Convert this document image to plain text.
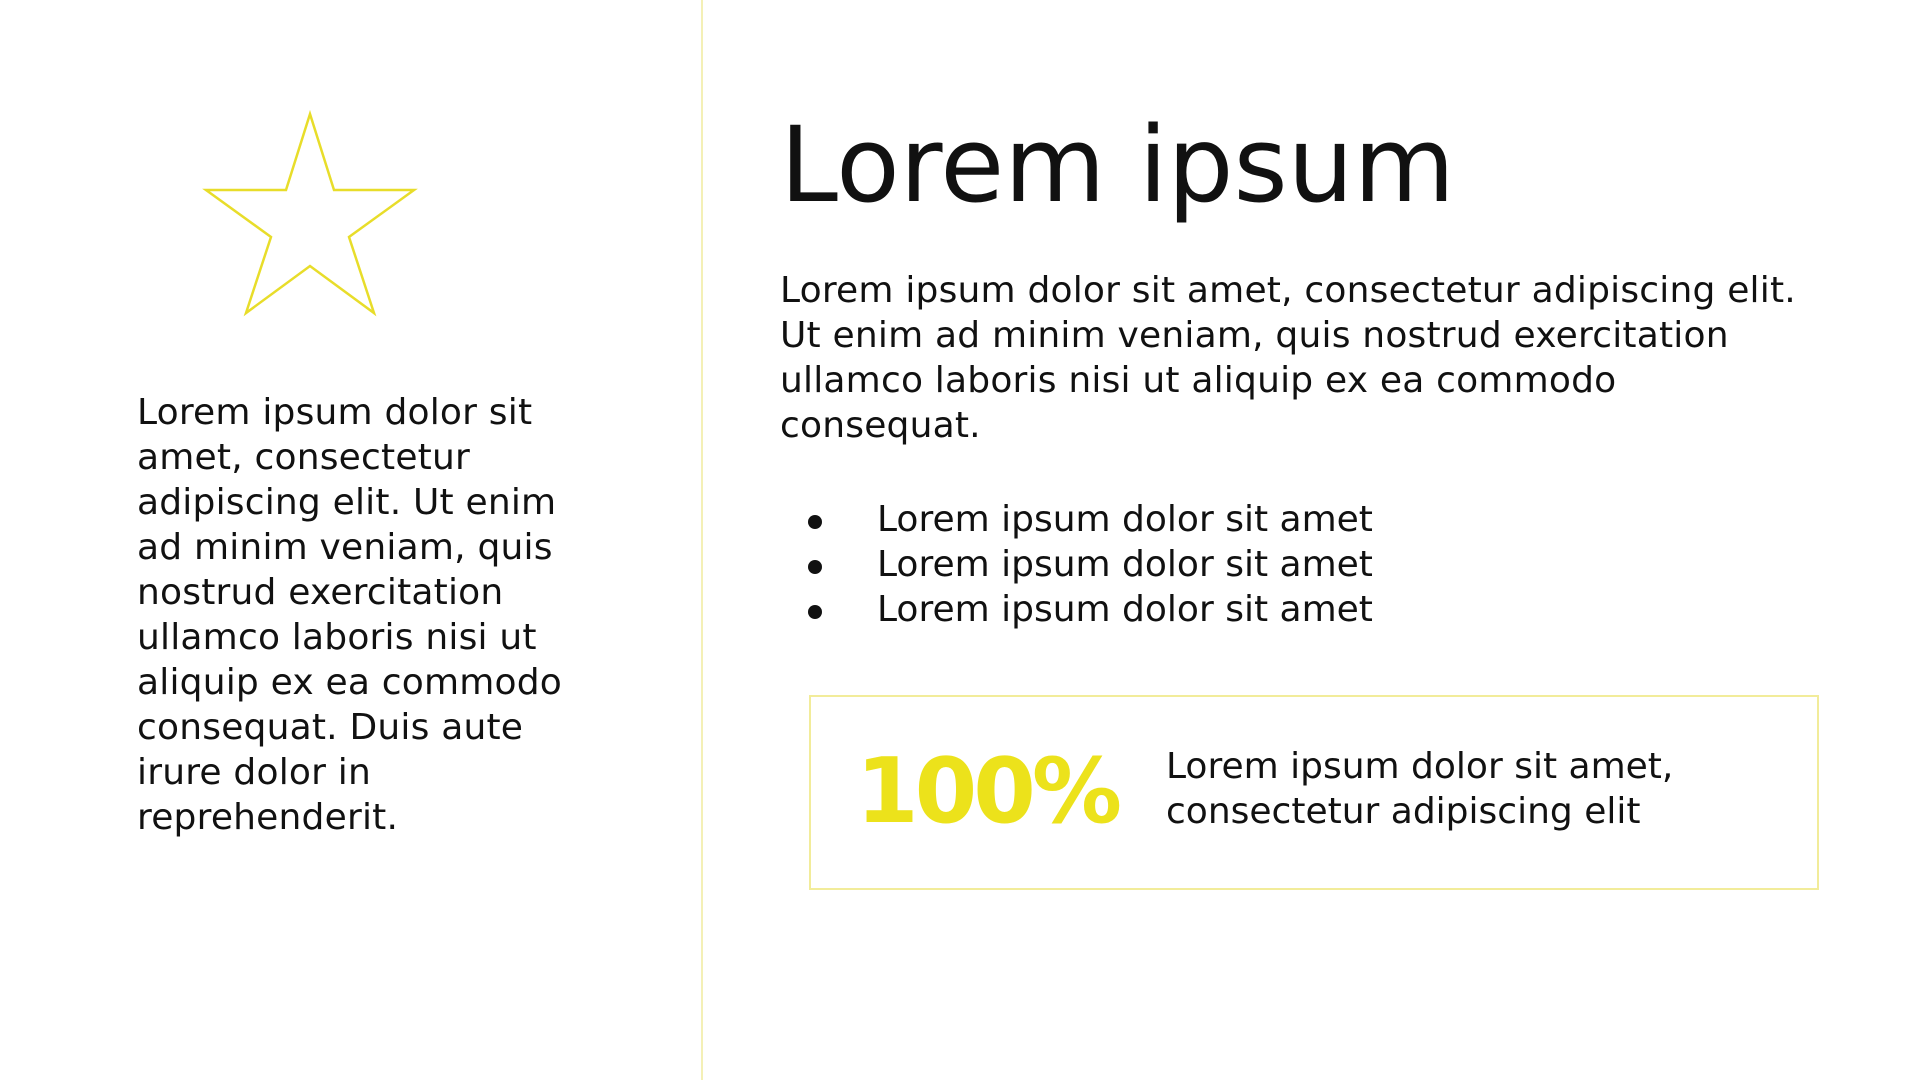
Lorem ipsum dolor sit amet, consectetur adipiscing elit. Ut enim ad minim veniam, quis nostrud exercitation ullamco laboris nisi ut aliquip ex ea commodo consequat. Duis aute irure dolor in reprehenderit.
Lorem ipsum
Lorem ipsum dolor sit amet, consectetur adipiscing elit. Ut enim ad minim veniam, quis nostrud exercitation ullamco laboris nisi ut aliquip ex ea commodo consequat.
Lorem ipsum dolor sit amet
Lorem ipsum dolor sit amet
Lorem ipsum dolor sit amet
100% Lorem ipsum dolor sit amet, consectetur adipiscing elit
